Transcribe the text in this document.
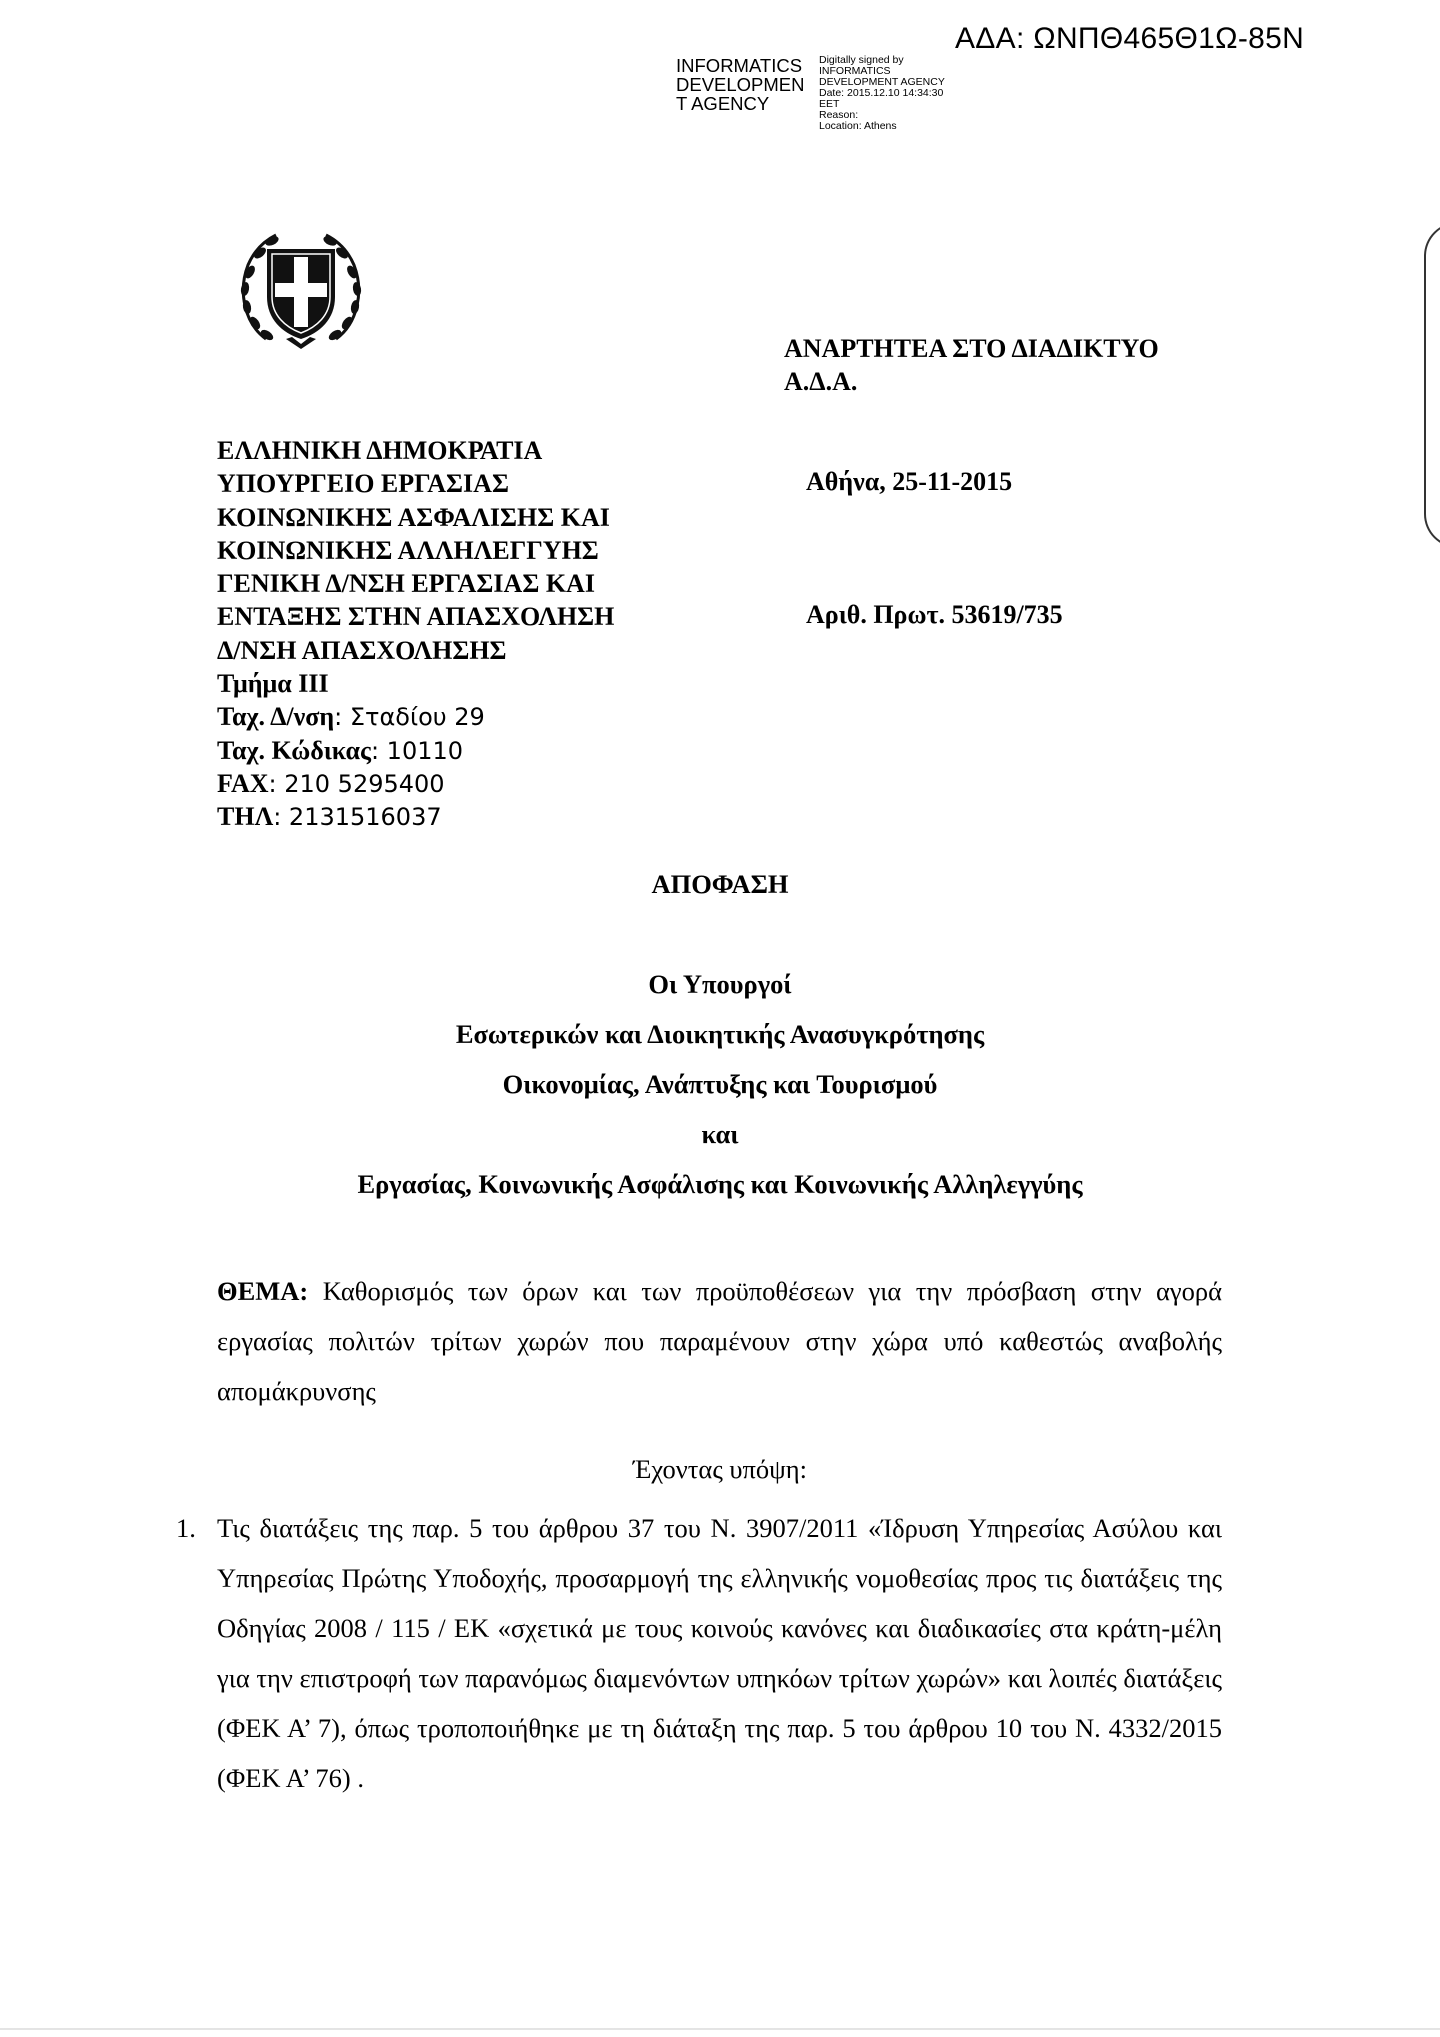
ΑΔΑ: ΩΝΠΘ465Θ1Ω-85Ν
INFORMATICS
DEVELOPMEN
T AGENCY
Digitally signed by
INFORMATICS
DEVELOPMENT AGENCY
Date: 2015.12.10 14:34:30
EET
Reason:
Location: Athens
ΑΝΑΡΤΗΤΕΑ ΣΤΟ ΔΙΑΔΙΚΤΥΟ
Α.Δ.Α.
ΕΛΛΗΝΙΚΗ ΔΗΜΟΚΡΑΤΙΑ
ΥΠΟΥΡΓΕΙΟ ΕΡΓΑΣΙΑΣ
ΚΟΙΝΩΝΙΚΗΣ ΑΣΦΑΛΙΣΗΣ ΚΑΙ
ΚΟΙΝΩΝΙΚΗΣ ΑΛΛΗΛΕΓΓΥΗΣ
ΓΕΝΙΚΗ Δ/ΝΣΗ ΕΡΓΑΣΙΑΣ ΚΑΙ
ΕΝΤΑΞΗΣ ΣΤΗΝ ΑΠΑΣΧΟΛΗΣΗ
Δ/ΝΣΗ ΑΠΑΣΧΟΛΗΣΗΣ
Τμήμα ΙΙΙ
Ταχ. Δ/νση: Σταδίου 29
Ταχ. Κώδικας: 10110
FAX: 210 5295400
ΤΗΛ: 2131516037
Αθήνα, 25-11-2015
Αριθ. Πρωτ. 53619/735
ΑΠΟΦΑΣΗ
Οι Υπουργοί
Εσωτερικών και Διοικητικής Ανασυγκρότησης
Οικονομίας, Ανάπτυξης και Τουρισμού
και
Εργασίας, Κοινωνικής Ασφάλισης και Κοινωνικής Αλληλεγγύης
ΘΕΜΑ: Καθορισμός των όρων και των προϋποθέσεων για την πρόσβαση στην αγορά εργασίας πολιτών τρίτων χωρών που παραμένουν στην χώρα υπό καθεστώς αναβολής απομάκρυνσης
Έχοντας υπόψη:
1. Τις διατάξεις της παρ. 5 του άρθρου 37 του Ν. 3907/2011 «Ίδρυση Υπηρεσίας Ασύλου και Υπηρεσίας Πρώτης Υποδοχής, προσαρμογή της ελληνικής νομοθεσίας προς τις διατάξεις της Οδηγίας 2008 / 115 / ΕΚ «σχετικά με τους κοινούς κανόνες και διαδικασίες στα κράτη-μέλη για την επιστροφή των παρανόμως διαμενόντων υπηκόων τρίτων χωρών» και λοιπές διατάξεις (ΦΕΚ Α’ 7), όπως τροποποιήθηκε με τη διάταξη της παρ. 5 του άρθρου 10 του Ν. 4332/2015 (ΦΕΚ Α’ 76) .
